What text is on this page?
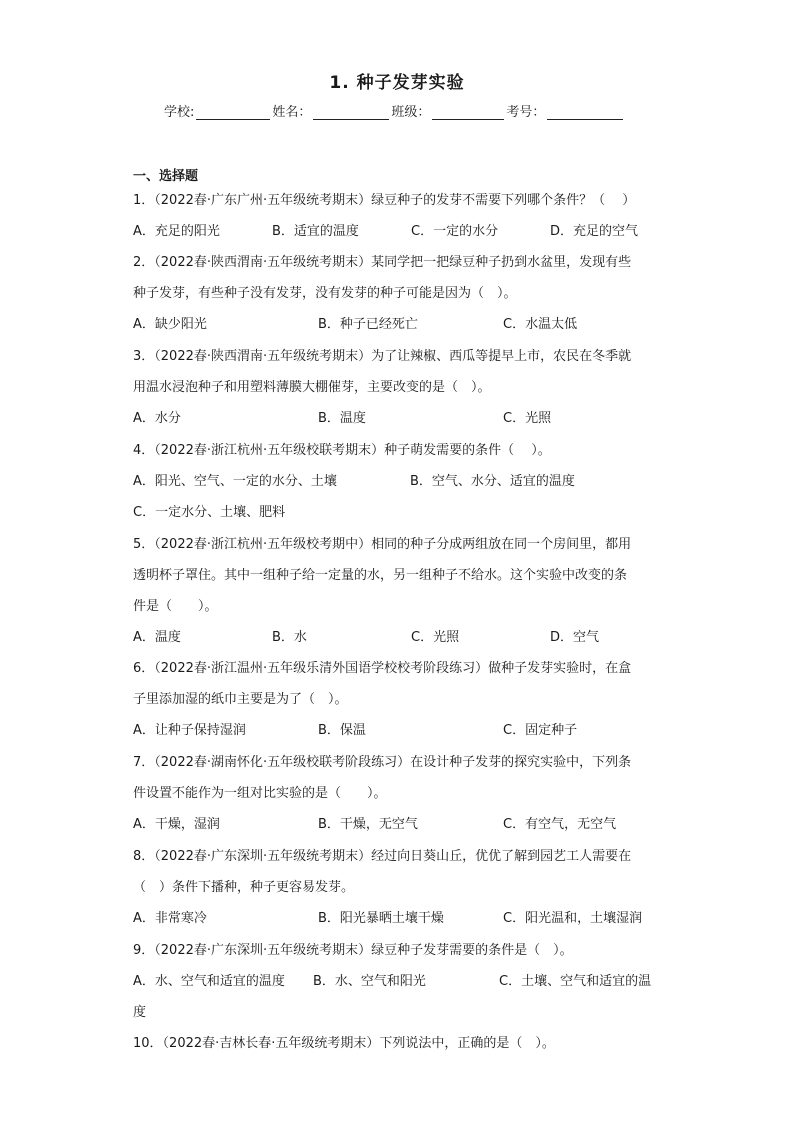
1. 种子发芽实验
学校:	姓名：	班级：	考号：
一、选择题
1．（2022春·广东广州·五年级统考期末）绿豆种子的发芽不需要下列哪个条件？（　 ）
A．充足的阳光	B．适宜的温度	C．一定的水分	D．充足的空气
2．（2022春·陕西渭南·五年级统考期末）某同学把一把绿豆种子扔到水盆里，发现有些
种子发芽，有些种子没有发芽，没有发芽的种子可能是因为（　）。
A．缺少阳光	B．种子已经死亡	C．水温太低
3．（2022春·陕西渭南·五年级统考期末）为了让辣椒、西瓜等提早上市，农民在冬季就
用温水浸泡种子和用塑料薄膜大棚催芽，主要改变的是（　）。
A．水分	B．温度	C．光照
4．（2022春·浙江杭州·五年级校联考期末）种子萌发需要的条件（　 ）。
A．阳光、空气、一定的水分、土壤	B．空气、水分、适宜的温度
C．一定水分、土壤、肥料
5．（2022春·浙江杭州·五年级校考期中）相同的种子分成两组放在同一个房间里，都用
透明杯子罩住。其中一组种子给一定量的水，另一组种子不给水。这个实验中改变的条
件是（　　）。
A．温度	B．水	C．光照	D．空气
6．（2022春·浙江温州·五年级乐清外国语学校校考阶段练习）做种子发芽实验时，在盒
子里添加湿的纸巾主要是为了（　）。
A．让种子保持湿润	B．保温	C．固定种子
7．（2022春·湖南怀化·五年级校联考阶段练习）在设计种子发芽的探究实验中，下列条
件设置不能作为一组对比实验的是（　　）。
A．干燥，湿润	B．干燥，无空气	C．有空气，无空气
8．（2022春·广东深圳·五年级统考期末）经过向日葵山丘，优优了解到园艺工人需要在
（　）条件下播种，种子更容易发芽。
A．非常寒冷	B．阳光暴晒土壤干燥	C．阳光温和，土壤湿润
9．（2022春·广东深圳·五年级统考期末）绿豆种子发芽需要的条件是（　）。
A．水、空气和适宜的温度 B．水、空气和阳光	C．土壤、空气和适宜的温
度
10．（2022春·吉林长春·五年级统考期末）下列说法中，正确的是（　）。
